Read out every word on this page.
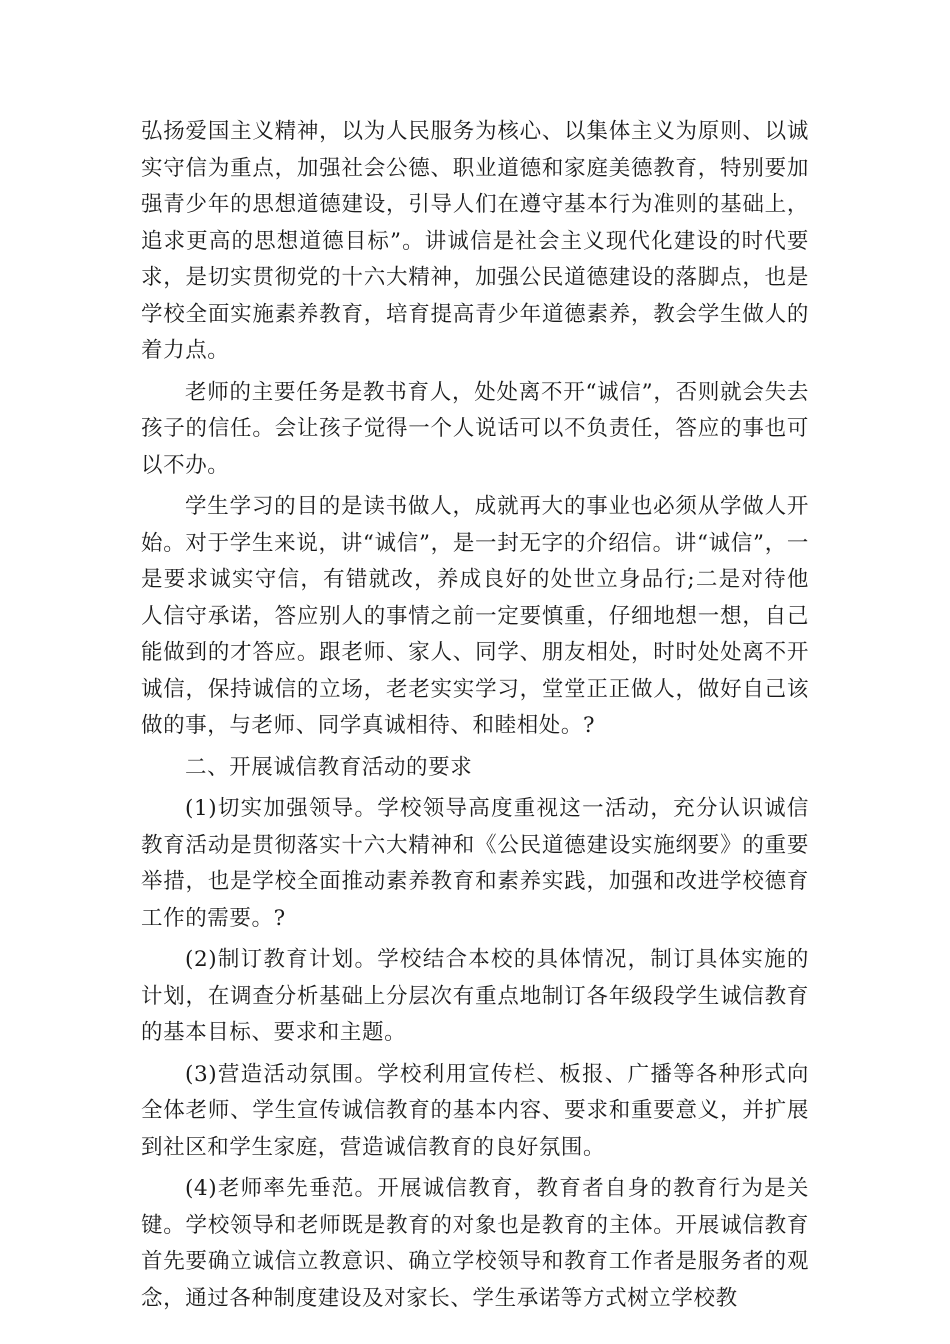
弘扬爱国主义精神，以为人民服务为核心、以集体主义为原则、以诚实守信为重点，加强社会公德、职业道德和家庭美德教育，特别要加强青少年的思想道德建设，引导人们在遵守基本行为准则的基础上，追求更高的思想道德目标”。讲诚信是社会主义现代化建设的时代要求，是切实贯彻党的十六大精神，加强公民道德建设的落脚点，也是学校全面实施素养教育，培育提高青少年道德素养，教会学生做人的着力点。

老师的主要任务是教书育人，处处离不开“诚信”，否则就会失去孩子的信任。会让孩子觉得一个人说话可以不负责任，答应的事也可以不办。

学生学习的目的是读书做人，成就再大的事业也必须从学做人开始。对于学生来说，讲“诚信”，是一封无字的介绍信。讲“诚信”，一是要求诚实守信，有错就改，养成良好的处世立身品行;二是对待他人信守承诺，答应别人的事情之前一定要慎重，仔细地想一想，自己能做到的才答应。跟老师、家人、同学、朋友相处，时时处处离不开诚信，保持诚信的立场，老老实实学习，堂堂正正做人，做好自己该做的事，与老师、同学真诚相待、和睦相处。?

二、开展诚信教育活动的要求

(1)切实加强领导。学校领导高度重视这一活动，充分认识诚信教育活动是贯彻落实十六大精神和《公民道德建设实施纲要》的重要举措，也是学校全面推动素养教育和素养实践，加强和改进学校德育工作的需要。?

(2)制订教育计划。学校结合本校的具体情况，制订具体实施的计划，在调查分析基础上分层次有重点地制订各年级段学生诚信教育的基本目标、要求和主题。

(3)营造活动氛围。学校利用宣传栏、板报、广播等各种形式向全体老师、学生宣传诚信教育的基本内容、要求和重要意义，并扩展到社区和学生家庭，营造诚信教育的良好氛围。

(4)老师率先垂范。开展诚信教育，教育者自身的教育行为是关键。学校领导和老师既是教育的对象也是教育的主体。开展诚信教育首先要确立诚信立教意识、确立学校领导和教育工作者是服务者的观念，通过各种制度建设及对家长、学生承诺等方式树立学校教
